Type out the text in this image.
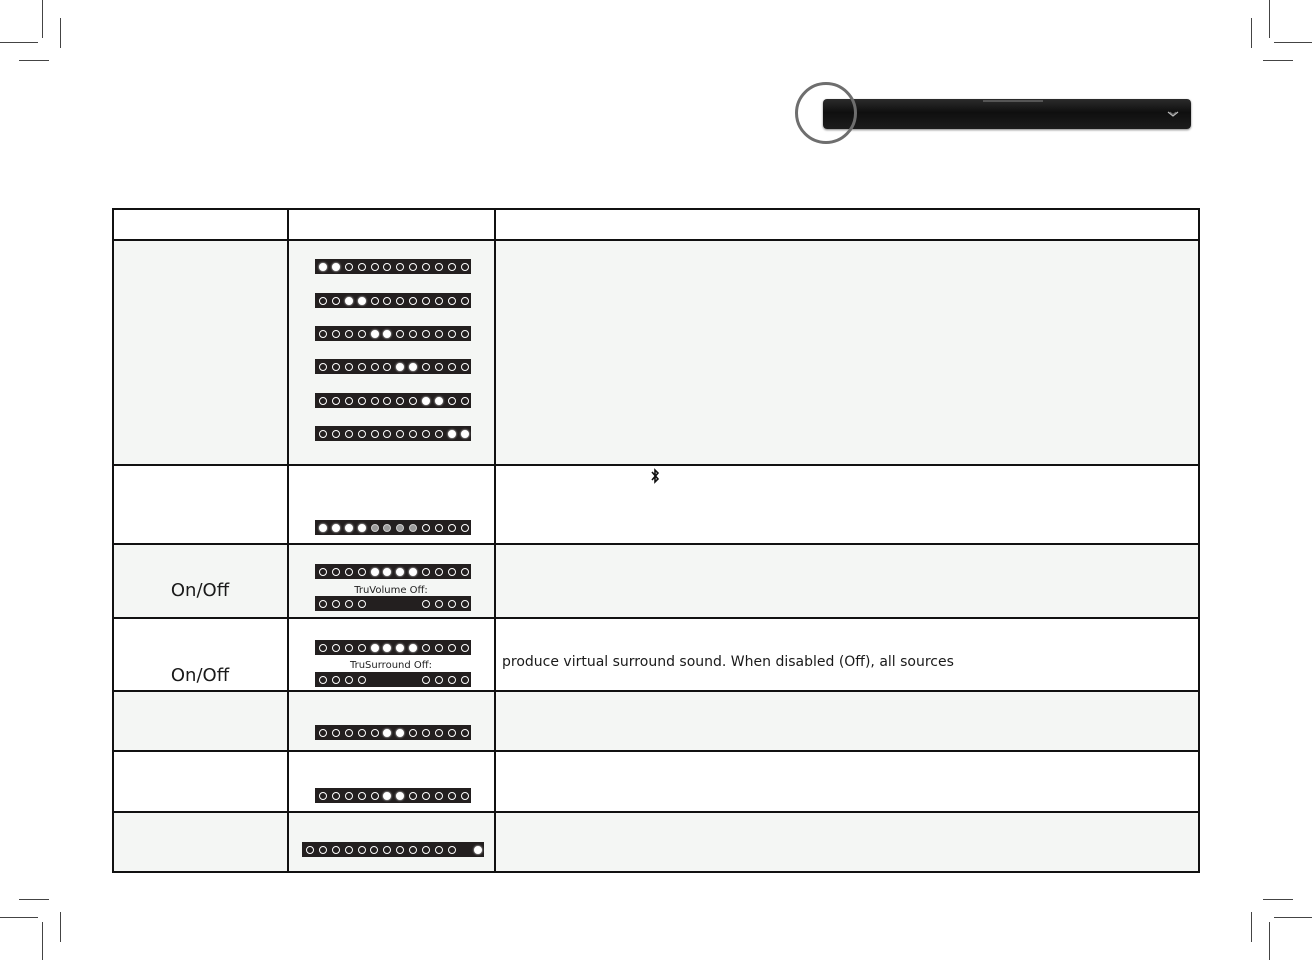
On/Off
On/Off
TruVolume Off:
TruSurround Off:	produce virtual surround sound. When disabled (Off), all sources
